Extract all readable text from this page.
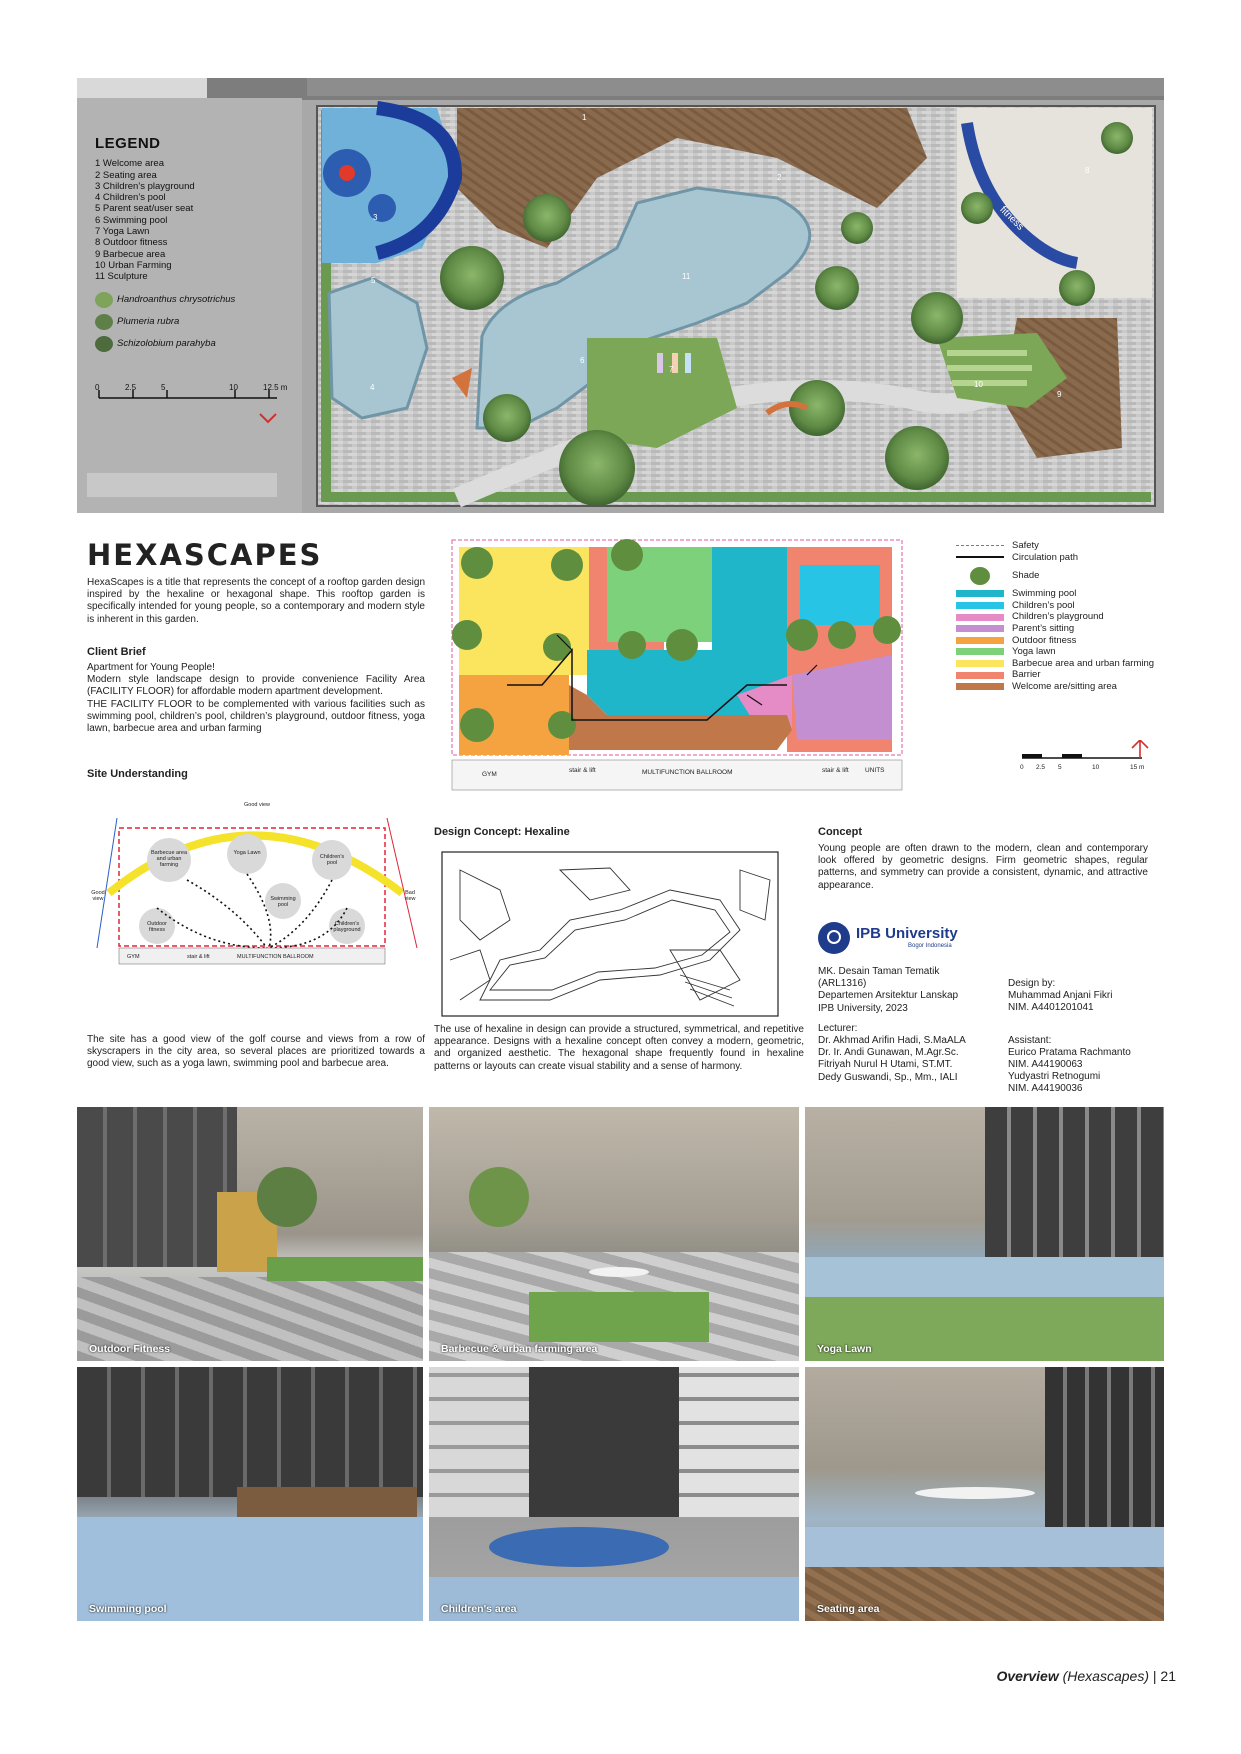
1
2
3
4
5
6
7
8
9
10
11
fitness
LEGEND
1 Welcome area
2 Seating area
3 Children’s playground
4 Children’s pool
5 Parent seat/user seat
6 Swimming pool
7 Yoga Lawn
8 Outdoor fitness
9 Barbecue area
10 Urban Farming
11 Sculpture
Handroanthus chrysotrichus
Plumeria rubra
Schizolobium parahyba
0	2.5	5	10	12.5 m
HEXASCAPES
HexaScapes is a title that represents the concept of a rooftop garden design inspired by the hexaline or hexagonal shape. This rooftop garden is specifically intended for young people, so a contemporary and modern style is inherent in this garden.
Client Brief
Apartment for Young People!
Modern style landscape design to provide convenience Facility Area (FACILITY FLOOR) for affordable modern apartment development.
THE FACILITY FLOOR to be complemented with various facilities such as swimming pool, children’s pool, children’s playground, outdoor fitness, yoga lawn, barbecue area and urban farming
Site Understanding
Barbecue area and urban farming
Yoga Lawn
Children's pool
Swimming pool
Outdoor fitness
Children's playground
Good view
Good view
Bad view
GYM	stair & lift	MULTIFUNCTION BALLROOM
The site has a good view of the golf course and views from a row of skyscrapers in the city area, so several places are prioritized towards a good view, such as a yoga lawn, swimming pool and barbecue area.
GYM
stair & lift	MULTIFUNCTION BALLROOM	stair & lift	UNITS
Safety
Circulation path
Shade
Swimming pool
Children’s pool
Children’s playground
Parent’s sitting
Outdoor fitness
Yoga lawn
Barbecue area and urban farming
Barrier
Welcome are/sitting area
0 2.5 5	10	15 m
Design Concept: Hexaline
The use of hexaline in design can provide a structured, symmetrical, and repetitive appearance. Designs with a hexaline concept often convey a modern, geometric, and organized aesthetic. The hexagonal shape frequently found in hexaline patterns or layouts can create visual stability and a sense of harmony.
Concept
Young people are often drawn to the modern, clean and contemporary look offered by geometric designs. Firm geometric shapes, regular patterns, and symmetry can provide a consistent, dynamic, and attractive appearance.
IPB University
Bogor Indonesia
MK. Desain Taman Tematik
(ARL1316)
Departemen Arsitektur Lanskap
IPB University, 2023
Lecturer:
Dr. Akhmad Arifin Hadi, S.MaALA
Dr. Ir. Andi Gunawan, M.Agr.Sc.
Fitriyah Nurul H Utami, ST.MT.
Dedy Guswandi, Sp., Mm., IALI
Design by:
Muhammad Anjani Fikri
NIM. A4401201041
Assistant:
Eurico Pratama Rachmanto
NIM. A44190063
Yudyastri Retnogumi
NIM. A44190036
Outdoor Fitness	Barbecue & urban farming area	Yoga Lawn
Swimming pool	Children's area	Seating area
Overview (Hexascapes) | 21
